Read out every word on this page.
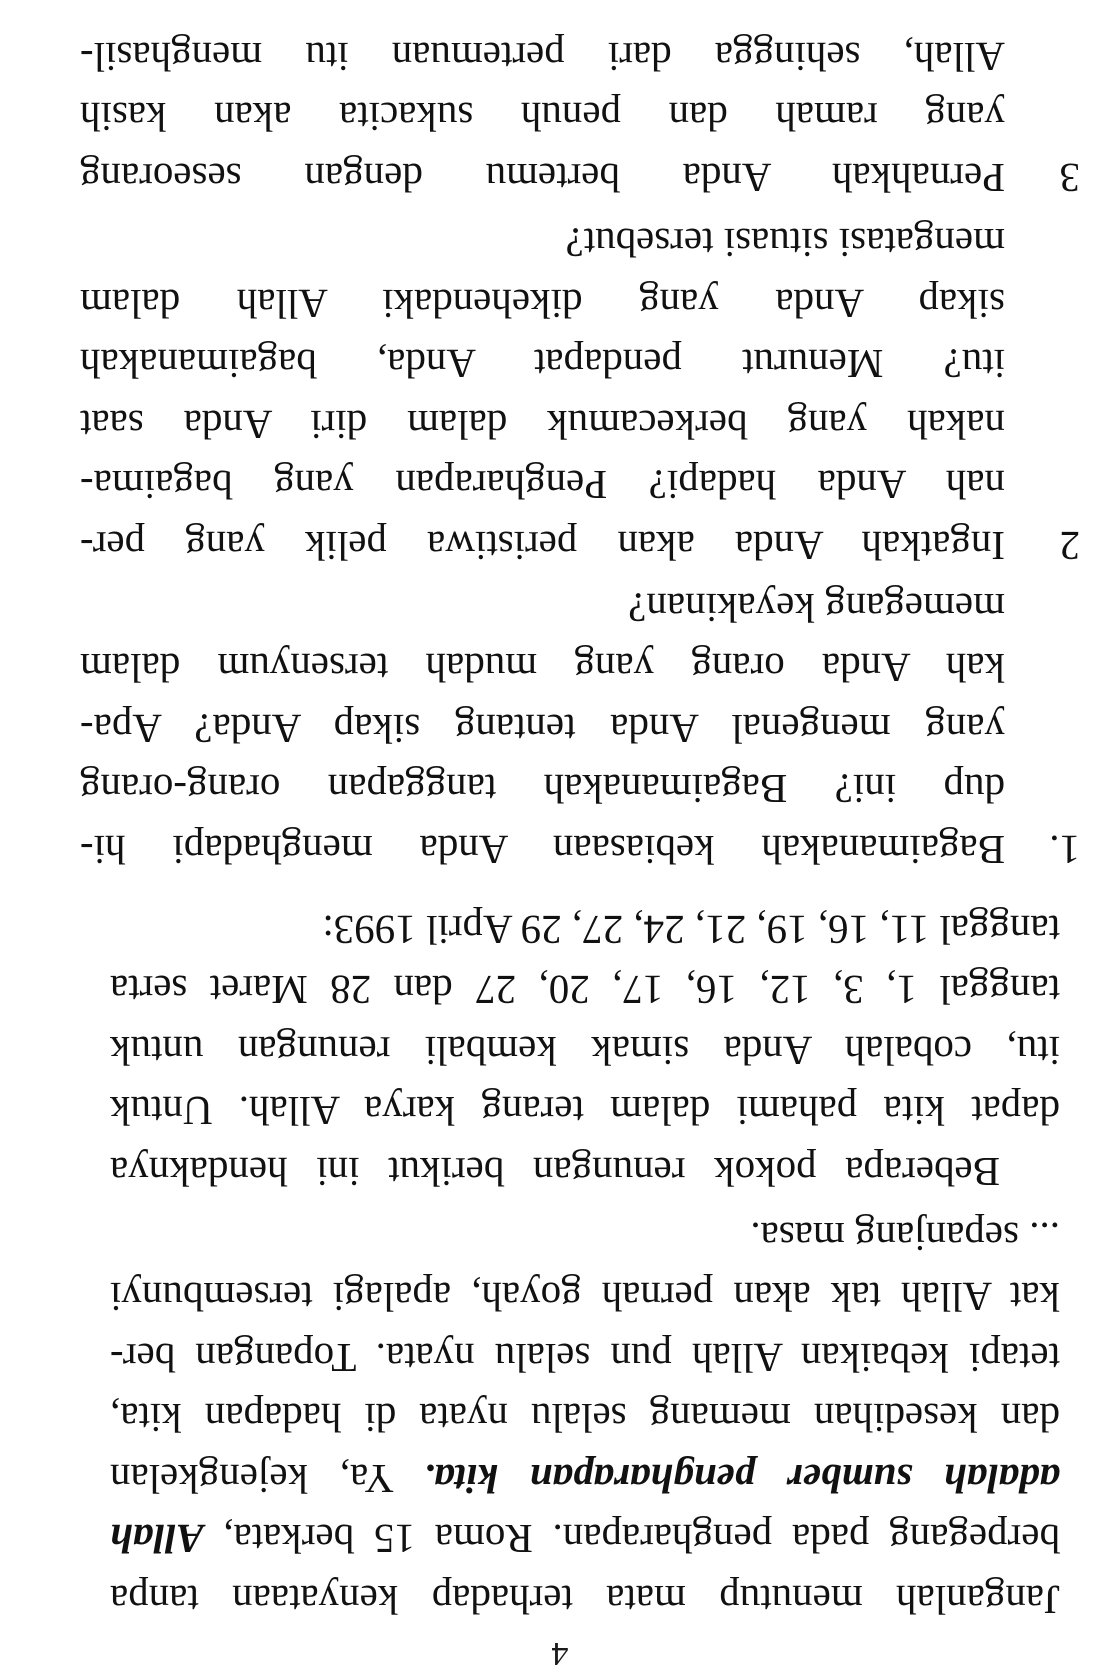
4
Janganlah menutup mata terhadap kenyataan tanpa
berpegang pada pengharapan. Roma 15 berkata, Allah
adalah sumber pengharapan kita. Ya, kejengkelan
dan kesedihan memang selalu nyata di hadapan kita,
tetapi kebaikan Allah pun selalu nyata. Topangan ber-
kat Allah tak akan pernah goyah, apalagi tersembunyi
... sepanjang masa.
Beberapa pokok renungan berikut ini hendaknya
dapat kita pahami dalam terang karya Allah. Untuk
itu, cobalah Anda simak kembali renungan untuk
tanggal 1, 3, 12, 16, 17, 20, 27 dan 28 Maret serta
tanggal 11, 16, 19, 21, 24, 27, 29 April 1993:
1.
Bagaimanakah kebiasaan Anda menghadapi hi-
dup ini? Bagaimanakah tanggapan orang-orang
yang mengenal Anda tentang sikap Anda? Apa-
kah Anda orang yang mudah tersenyum dalam
memegang keyakinan?
2
Ingatkah Anda akan peristiwa pelik yang per-
nah Anda hadapi? Pengharapan yang bagaima-
nakah yang berkecamuk dalam diri Anda saat
itu? Menurut pendapat Anda, bagaimanakah
sikap Anda yang dikehendaki Allah dalam
mengatasi situasi tersebut?
3
Pernahkah Anda bertemu dengan seseorang
yang ramah dan penuh sukacita akan kasih
Allah, sehingga dari pertemuan itu menghasil-
